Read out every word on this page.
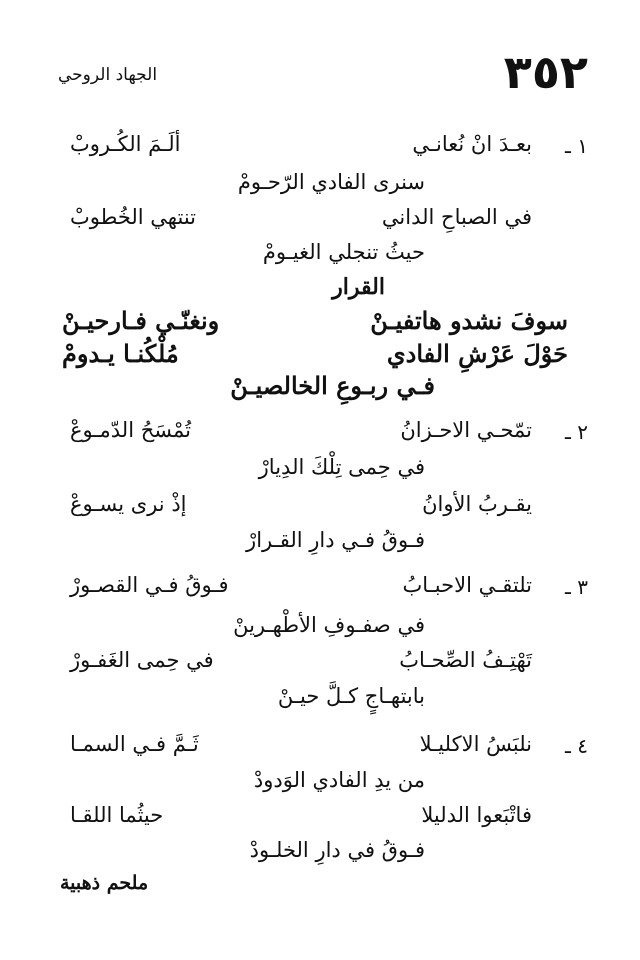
٣٥٢
الجهاد الروحي
١ ـ
بعـدَ انْ نُعانـي
ألَـمَ الكُـروبْ
سنرى الفادي الرّحـومْ
في الصباحِ الداني
تنتهي الخُطوبْ
حيثُ تنجلي الغيـومْ
القرار
سوفَ نشدو هاتفيـنْ
ونغنّـي فـارحيـنْ
حَوْلَ عَرْشِ الفادي
مُلْكُنـا يـدومْ
فـي ربـوعِ الخالصيـنْ
٢ ـ
تمّحـي الاحـزانُ
تُمْسَحُ الدّمـوعْ
في حِمى تِلْكَ الدِيارْ
يقـربُ الأوانُ
إذْ نرى يسـوعْ
فـوقُ فـي دارِ القـرارْ
٣ ـ
تلتقـي الاحبـابُ
فـوقُ فـي القصـورْ
في صفـوفِ الأطْهـرينْ
تَهْتِـفُ الصِّحـابُ
في حِمى الغَفـورْ
بابتهـاجٍ كـلَّ حيـنْ
٤ ـ
نلبَسُ الاكليـلا
ثَـمَّ فـي السمـا
من يدِ الفادي الوَدودْ
فاتْبَعوا الدليلا
حيثُما اللقـا
فـوقُ في دارِ الخلـودْ
ملحم ذهبية
